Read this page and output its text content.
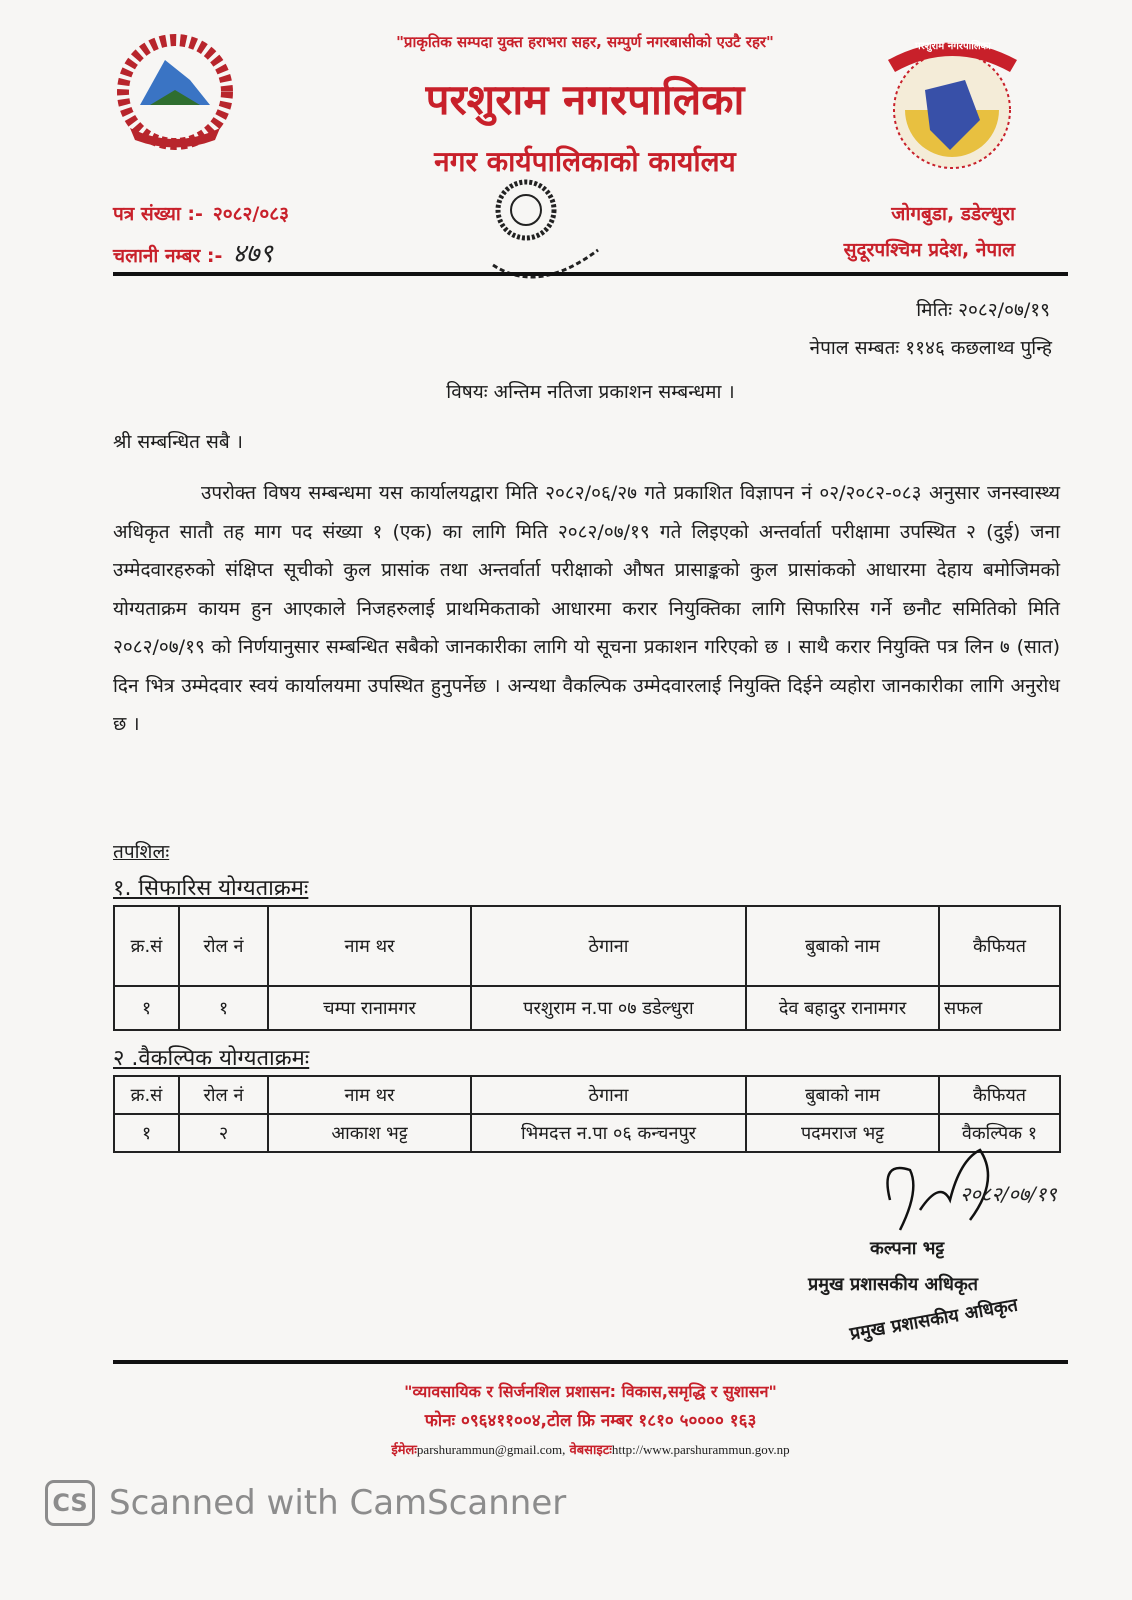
"प्राकृतिक सम्पदा युक्त हराभरा सहर, सम्पुर्ण नगरबासीको एउटै रहर"
परशुराम नगरपालिका
नगर कार्यपालिकाको कार्यालय
परशुराम नगरपालिका
पत्र संख्या :- २०८२/०८३
चलानी नम्बर :- ४७९
जोगबुडा, डडेल्धुरा
सुदूरपश्चिम प्रदेश, नेपाल
मितिः २०८२/०७/१९
नेपाल सम्बतः ११४६ कछलाथ्व पुन्हि
विषयः अन्तिम नतिजा प्रकाशन सम्बन्धमा ।
श्री सम्बन्धित सबै ।
उपरोक्त विषय सम्बन्धमा यस कार्यालयद्वारा मिति २०८२/०६/२७ गते प्रकाशित विज्ञापन नं ०२/२०८२-०८३ अनुसार जनस्वास्थ्य अधिकृत सातौ तह माग पद संख्या १ (एक) का लागि मिति २०८२/०७/१९ गते लिइएको अन्तर्वार्ता परीक्षामा उपस्थित २ (दुई) जना उम्मेदवारहरुको संक्षिप्त सूचीको कुल प्रासांक तथा अन्तर्वार्ता परीक्षाको औषत प्रासाङ्कको कुल प्रासांकको आधारमा देहाय बमोजिमको योग्यताक्रम कायम हुन आएकाले निजहरुलाई प्राथमिकताको आधारमा करार नियुक्तिका लागि सिफारिस गर्ने छनौट समितिको मिति २०८२/०७/१९ को निर्णयानुसार सम्बन्धित सबैको जानकारीका लागि यो सूचना प्रकाशन गरिएको छ । साथै करार नियुक्ति पत्र लिन ७ (सात) दिन भित्र उम्मेदवार स्वयं कार्यालयमा उपस्थित हुनुपर्नेछ । अन्यथा वैकल्पिक उम्मेदवारलाई नियुक्ति दिईने व्यहोरा जानकारीका लागि अनुरोध छ ।
तपशिलः
१. सिफारिस योग्यताक्रमः
क्र.सं	रोल नं	नाम थर	ठेगाना	बुबाको नाम	कैफियत
१	१	चम्पा रानामगर	परशुराम न.पा ०७ डडेल्धुरा	देव बहादुर रानामगर	सफल
२ .वैकल्पिक योग्यताक्रमः
क्र.सं	रोल नं	नाम थर	ठेगाना	बुबाको नाम	कैफियत
१	२	आकाश भट्ट	भिमदत्त न.पा ०६ कन्चनपुर	पदमराज भट्ट	वैकल्पिक १
२०८२/०७/१९
कल्पना भट्ट
प्रमुख प्रशासकीय अधिकृत
प्रमुख प्रशासकीय अधिकृत
"व्यावसायिक र सिर्जनशिल प्रशासन: विकास,समृद्धि र सुशासन"
फोनः ०९६४११००४,टोल फ्रि नम्बर १८१० ५०००० १६३
ईमेलःparshurammun@gmail.com, वेबसाइटःhttp://www.parshurammun.gov.np
CS Scanned with CamScanner
